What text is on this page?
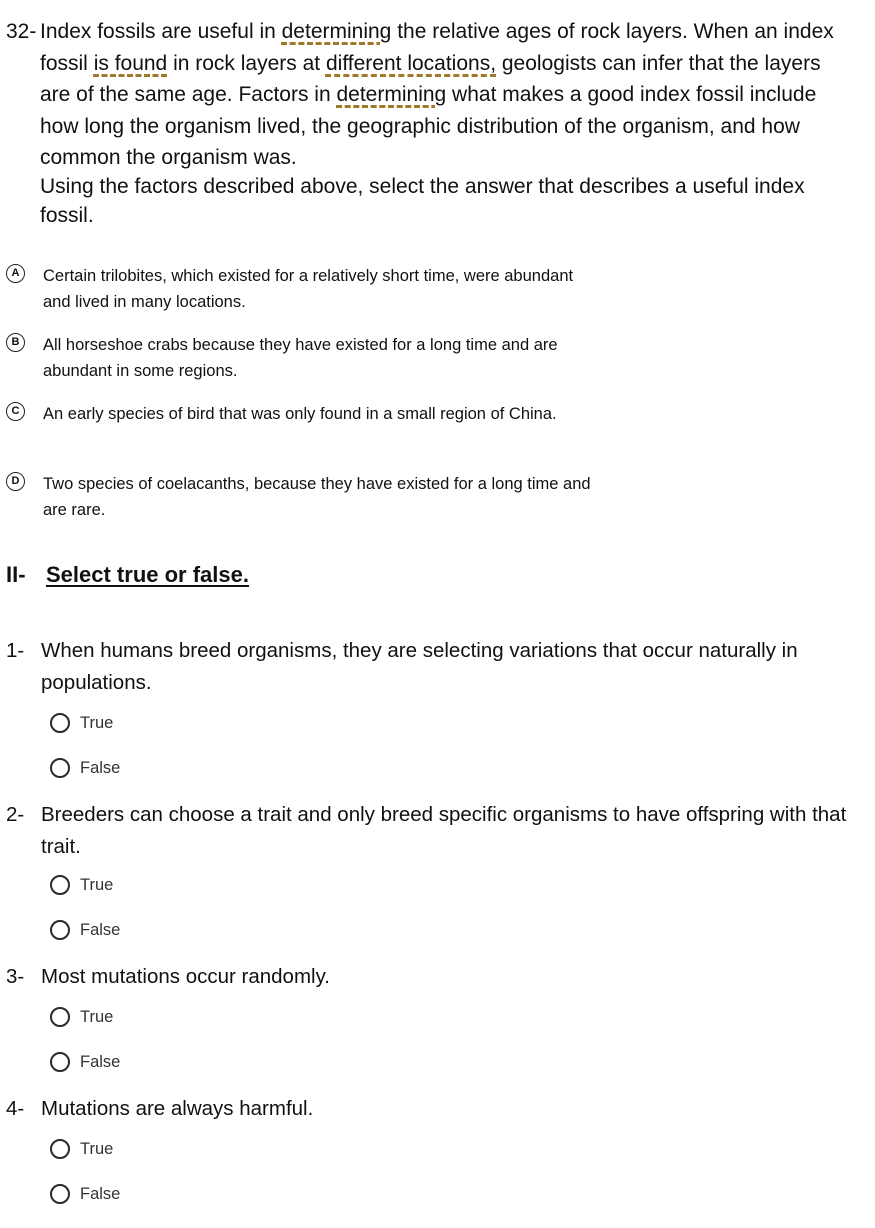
32- Index fossils are useful in determining the relative ages of rock layers. When an index fossil is found in rock layers at different locations, geologists can infer that the layers are of the same age. Factors in determining what makes a good index fossil include how long the organism lived, the geographic distribution of the organism, and how common the organism was.
Using the factors described above, select the answer that describes a useful index fossil.
A	Certain trilobites, which existed for a relatively short time, were abundant and lived in many locations.
B	All horseshoe crabs because they have existed for a long time and are abundant in some regions.
C	An early species of bird that was only found in a small region of China.
D	Two species of coelacanths, because they have existed for a long time and are rare.
II- Select true or false.
1- When humans breed organisms, they are selecting variations that occur naturally in populations.
True
False
2- Breeders can choose a trait and only breed specific organisms to have offspring with that trait.
True
False
3- Most mutations occur randomly.
True
False
4- Mutations are always harmful.
True
False
